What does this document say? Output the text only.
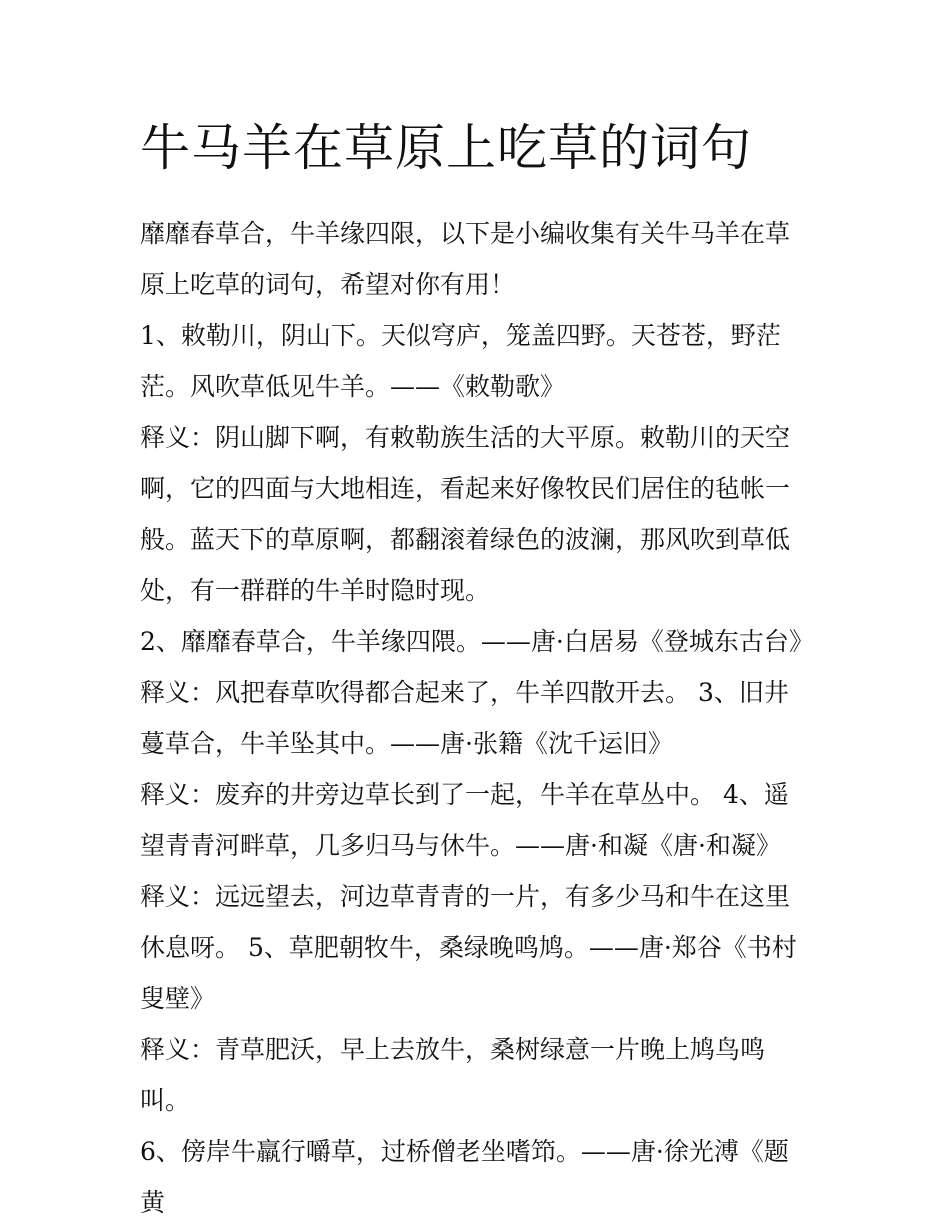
牛马羊在草原上吃草的词句

靡靡春草合，牛羊缘四限，以下是小编收集有关牛马羊在草原上吃草的词句，希望对你有用！

1、敕勒川，阴山下。天似穹庐，笼盖四野。天苍苍，野茫茫。风吹草低见牛羊。——《敕勒歌》

释义：阴山脚下啊，有敕勒族生活的大平原。敕勒川的天空啊，它的四面与大地相连，看起来好像牧民们居住的毡帐一般。蓝天下的草原啊，都翻滚着绿色的波澜，那风吹到草低处，有一群群的牛羊时隐时现。

2、靡靡春草合，牛羊缘四隈。——唐·白居易《登城东古台》

释义：风把春草吹得都合起来了，牛羊四散开去。 3、旧井蔓草合，牛羊坠其中。——唐·张籍《沈千运旧》

释义：废弃的井旁边草长到了一起，牛羊在草丛中。 4、遥望青青河畔草，几多归马与休牛。——唐·和凝《唐·和凝》

释义：远远望去，河边草青青的一片，有多少马和牛在这里休息呀。 5、草肥朝牧牛，桑绿晚鸣鸠。——唐·郑谷《书村叟壁》

释义：青草肥沃，早上去放牛，桑树绿意一片晚上鸠鸟鸣叫。

6、傍岸牛羸行嚼草，过桥僧老坐嗜笻。——唐·徐光溥《题黄
